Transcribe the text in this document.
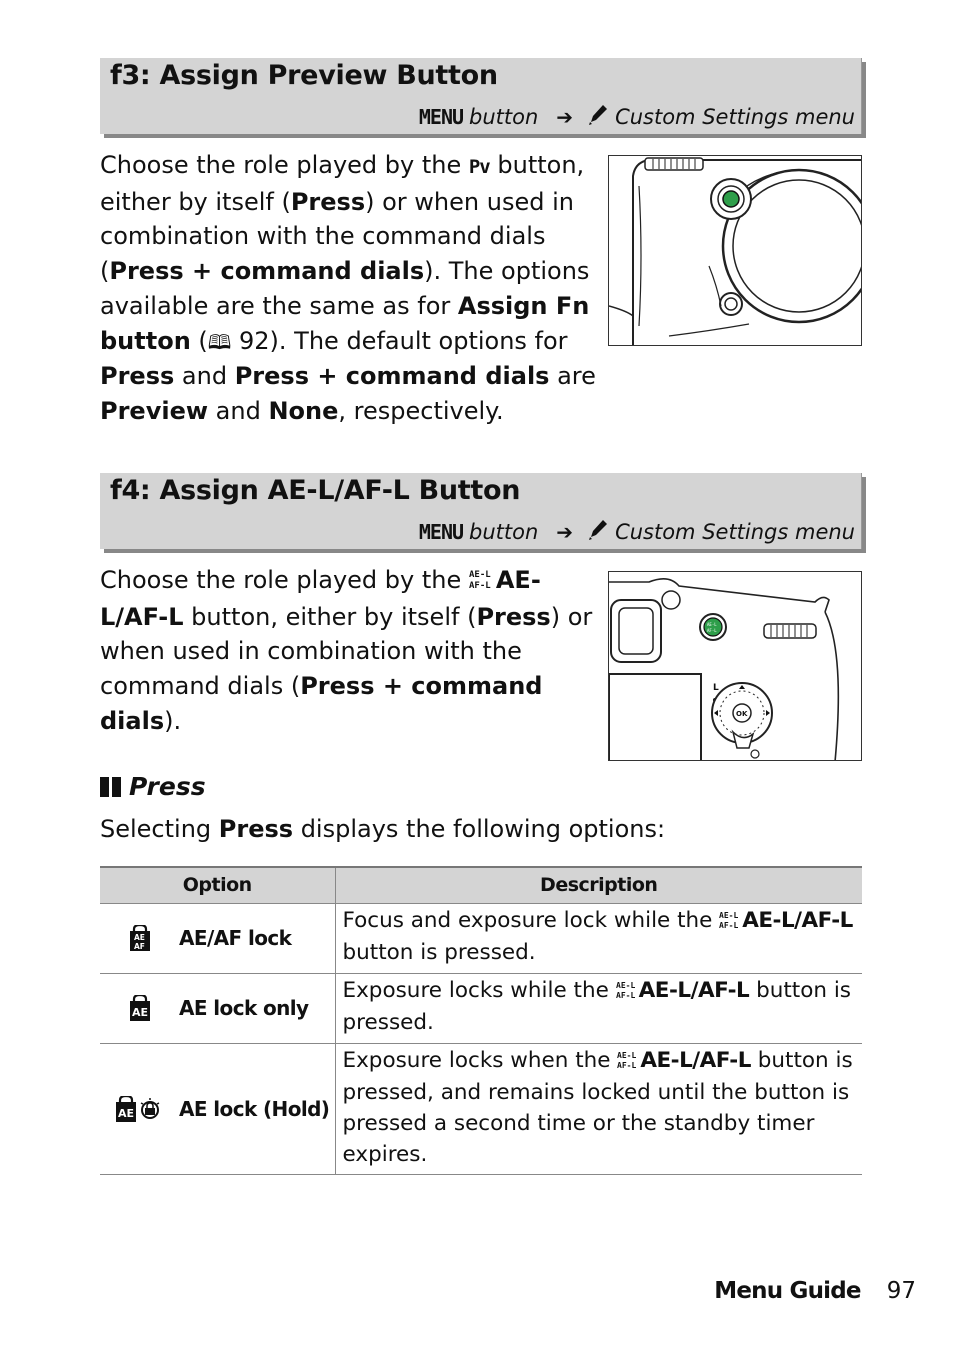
f3: Assign Preview Button
MENU button ➔ Custom Settings menu
Choose the role played by the Pv button, either by itself (Press) or when used in combination with the command dials (Press + command dials). The options available are the same as for Assign Fn button (🕮 92). The default options for Press and Press + command dials are Preview and None, respectively.
f4: Assign AE-L/AF-L Button
MENU button ➔ Custom Settings menu
Choose the role played by the AE-L
AF-L AE-L/AF-L button, either by itself (Press) or when used in combination with the command dials (Press + command dials).
AE-L
AF-L
L
OK
Press
Selecting Press displays the following options:
Option	Description

AE
AF AE/AF lock	Focus and exposure lock while the AE-L
AF-L AE-L/AF-L button is pressed.

AE AE lock only	Exposure locks while the AE-L
AF-L AE-L/AF-L button is pressed.

AE AE lock (Hold)	Exposure locks when the AE-L
AF-L AE-L/AF-L button is pressed, and remains locked until the button is pressed a second time or the standby timer expires.
Menu Guide 97
